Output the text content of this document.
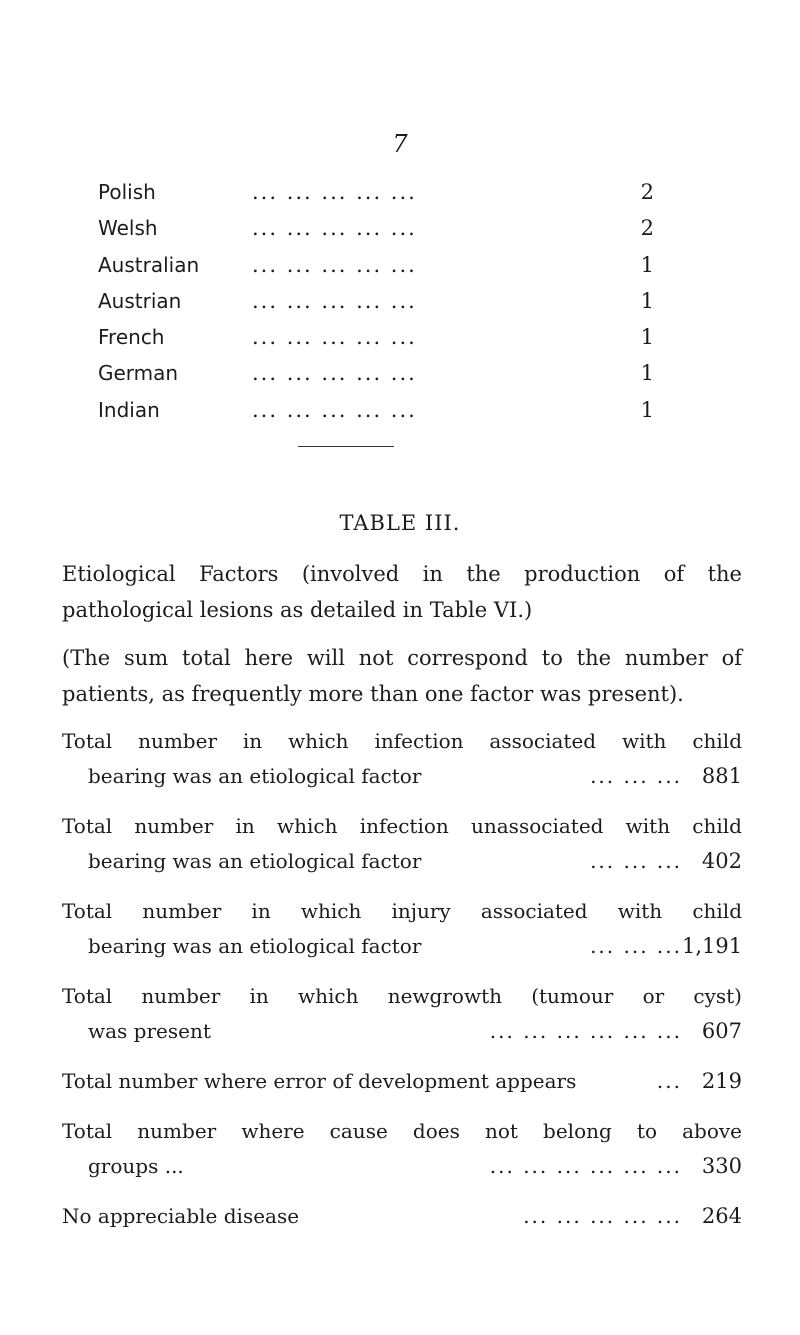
7
Polish	... ... ... ... ...	2
Welsh	... ... ... ... ...	2
Australian	... ... ... ... ...	1
Austrian	... ... ... ... ...	1
French	... ... ... ... ...	1
German	... ... ... ... ...	1
Indian	... ... ... ... ...	1
TABLE III.
Etiological Factors (involved in the production of the pathological lesions as detailed in Table VI.)
(The sum total here will not correspond to the number of patients, as frequently more than one factor was present).
Total number in which infection associated with child
bearing was an etiological factor	... ... ... 881
Total number in which infection unassociated with child
bearing was an etiological factor	... ... ... 402
Total number in which injury associated with child
bearing was an etiological factor	... ... ... 1,191
Total number in which newgrowth (tumour or cyst)
was present	... ... ... ... ... ... 607
Total number where error of development appears	... 219
Total number where cause does not belong to above
groups ...	... ... ... ... ... ... 330
No appreciable disease	... ... ... ... ... 264
